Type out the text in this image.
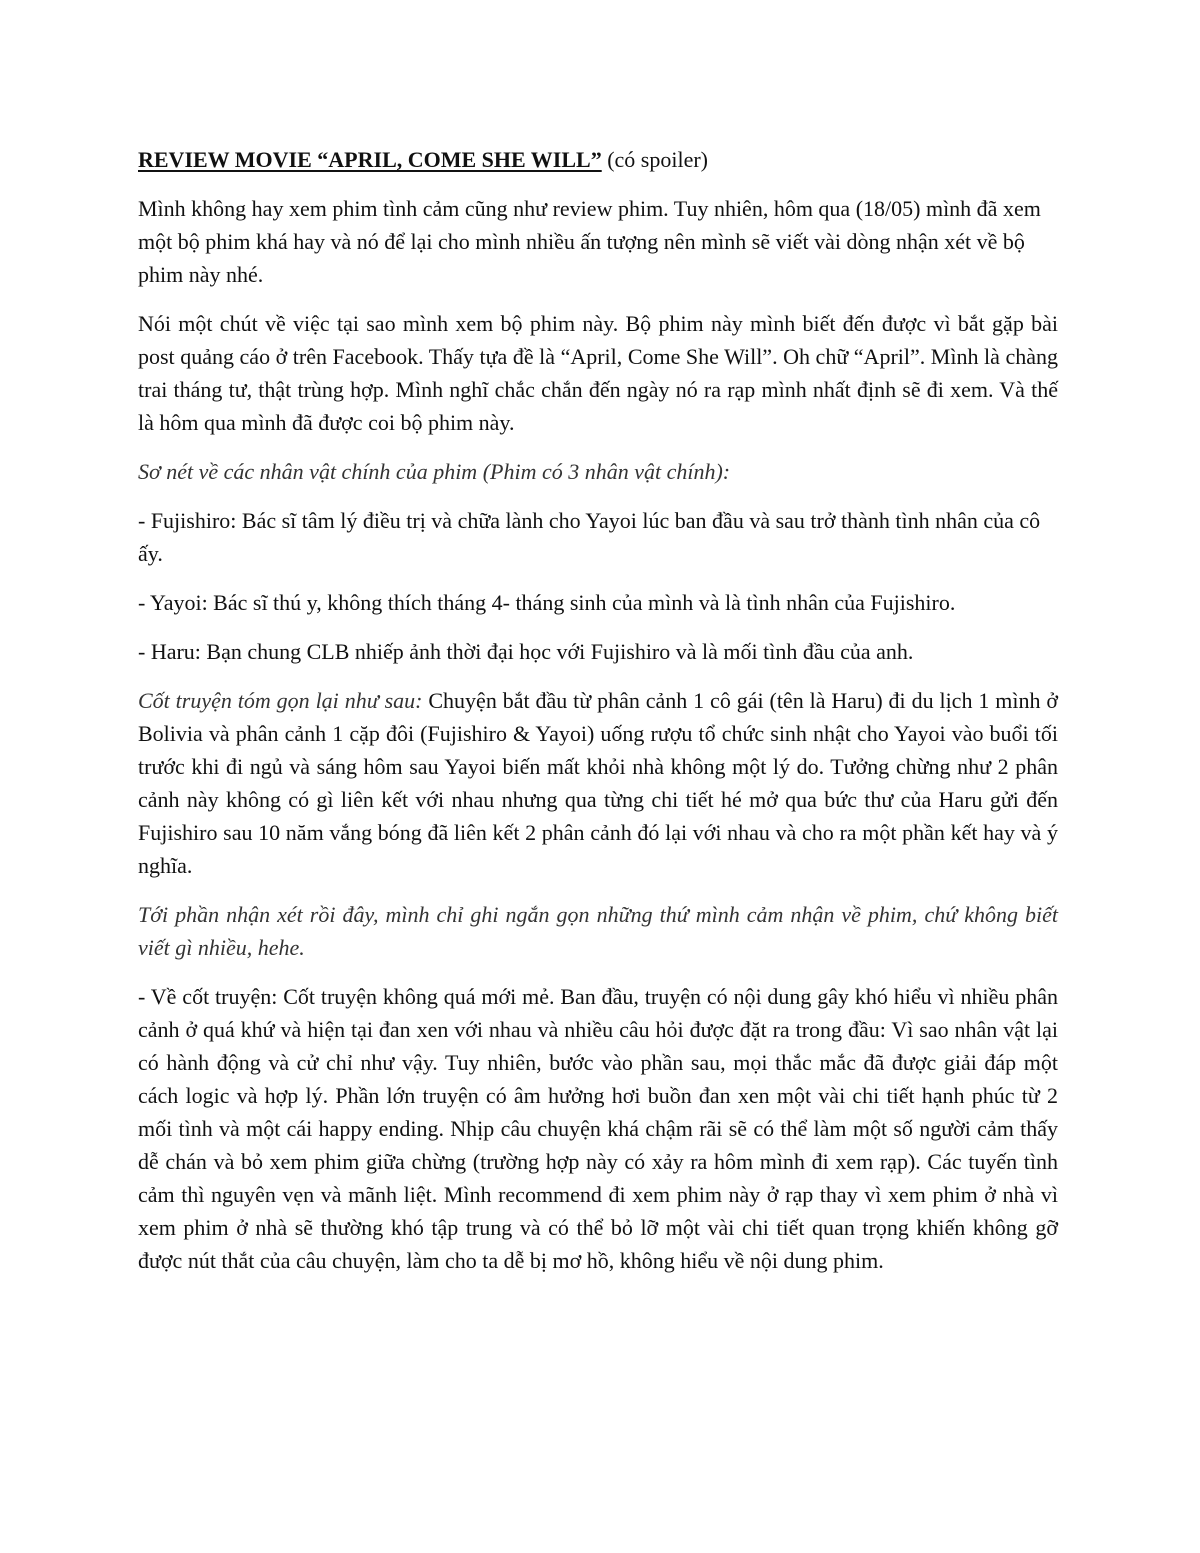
REVIEW MOVIE “APRIL, COME SHE WILL” (có spoiler)

Mình không hay xem phim tình cảm cũng như review phim. Tuy nhiên, hôm qua (18/05) mình đã xem một bộ phim khá hay và nó để lại cho mình nhiều ấn tượng nên mình sẽ viết vài dòng nhận xét về bộ phim này nhé.

Nói một chút về việc tại sao mình xem bộ phim này. Bộ phim này mình biết đến được vì bắt gặp bài post quảng cáo ở trên Facebook. Thấy tựa đề là “April, Come She Will”. Oh chữ “April”. Mình là chàng trai tháng tư, thật trùng hợp. Mình nghĩ chắc chắn đến ngày nó ra rạp mình nhất định sẽ đi xem. Và thế là hôm qua mình đã được coi bộ phim này.

Sơ nét về các nhân vật chính của phim (Phim có 3 nhân vật chính):

- Fujishiro: Bác sĩ tâm lý điều trị và chữa lành cho Yayoi lúc ban đầu và sau trở thành tình nhân của cô ấy.

- Yayoi: Bác sĩ thú y, không thích tháng 4- tháng sinh của mình và là tình nhân của Fujishiro.

- Haru: Bạn chung CLB nhiếp ảnh thời đại học với Fujishiro và là mối tình đầu của anh.

Cốt truyện tóm gọn lại như sau: Chuyện bắt đầu từ phân cảnh 1 cô gái (tên là Haru) đi du lịch 1 mình ở Bolivia và phân cảnh 1 cặp đôi (Fujishiro & Yayoi) uống rượu tổ chức sinh nhật cho Yayoi vào buổi tối trước khi đi ngủ và sáng hôm sau Yayoi biến mất khỏi nhà không một lý do. Tưởng chừng như 2 phân cảnh này không có gì liên kết với nhau nhưng qua từng chi tiết hé mở qua bức thư của Haru gửi đến Fujishiro sau 10 năm vắng bóng đã liên kết 2 phân cảnh đó lại với nhau và cho ra một phần kết hay và ý nghĩa.

Tới phần nhận xét rồi đây, mình chỉ ghi ngắn gọn những thứ mình cảm nhận về phim, chứ không biết viết gì nhiều, hehe.

- Về cốt truyện: Cốt truyện không quá mới mẻ. Ban đầu, truyện có nội dung gây khó hiểu vì nhiều phân cảnh ở quá khứ và hiện tại đan xen với nhau và nhiều câu hỏi được đặt ra trong đầu: Vì sao nhân vật lại có hành động và cử chỉ như vậy. Tuy nhiên, bước vào phần sau, mọi thắc mắc đã được giải đáp một cách logic và hợp lý. Phần lớn truyện có âm hưởng hơi buồn đan xen một vài chi tiết hạnh phúc từ 2 mối tình và một cái happy ending. Nhịp câu chuyện khá chậm rãi sẽ có thể làm một số người cảm thấy dễ chán và bỏ xem phim giữa chừng (trường hợp này có xảy ra hôm mình đi xem rạp). Các tuyến tình cảm thì nguyên vẹn và mãnh liệt. Mình recommend đi xem phim này ở rạp thay vì xem phim ở nhà vì xem phim ở nhà sẽ thường khó tập trung và có thể bỏ lỡ một vài chi tiết quan trọng khiến không gỡ được nút thắt của câu chuyện, làm cho ta dễ bị mơ hồ, không hiểu về nội dung phim.
